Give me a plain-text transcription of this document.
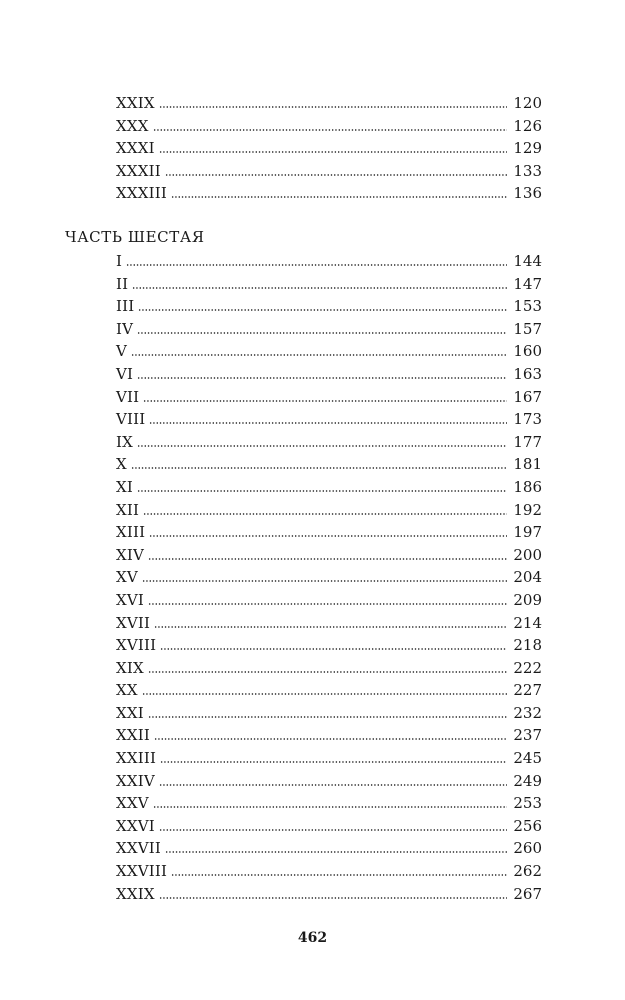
XXIX	120
XXX	126
XXXI	129
XXXII	133
XXXIII	136
ЧАСТЬ ШЕСТАЯ
I	144
II	147
III	153
IV	157
V	160
VI	163
VII	167
VIII	173
IX	177
X	181
XI	186
XII	192
XIII	197
XIV	200
XV	204
XVI	209
XVII	214
XVIII	218
XIX	222
XX	227
XXI	232
XXII	237
XXIII	245
XXIV	249
XXV	253
XXVI	256
XXVII	260
XXVIII	262
XXIX	267
462
